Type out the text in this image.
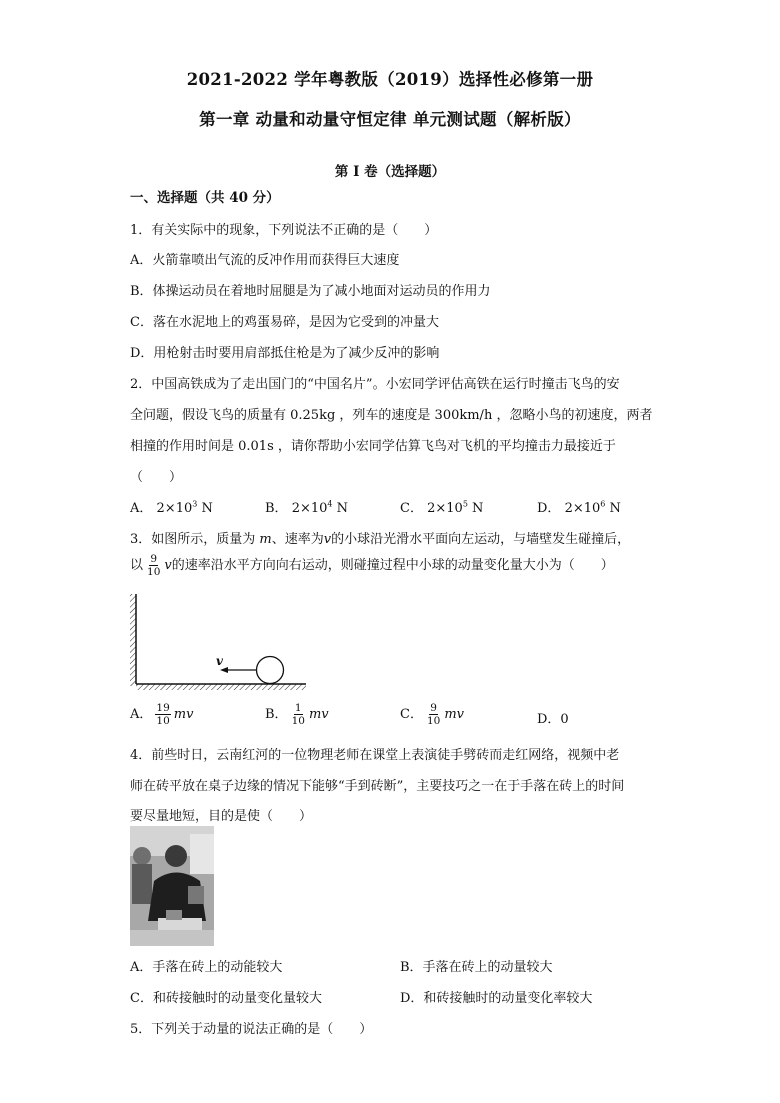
2021-2022 学年粤教版（2019）选择性必修第一册
第一章 动量和动量守恒定律 单元测试题（解析版）
第 I 卷（选择题）
一、选择题（共 40 分）
1．有关实际中的现象，下列说法不正确的是（　　）
A．火箭靠喷出气流的反冲作用而获得巨大速度
B．体操运动员在着地时屈腿是为了减小地面对运动员的作用力
C．落在水泥地上的鸡蛋易碎，是因为它受到的冲量大
D．用枪射击时要用肩部抵住枪是为了减少反冲的影响
2．中国高铁成为了走出国门的“中国名片”。小宏同学评估高铁在运行时撞击飞鸟的安
全问题，假设飞鸟的质量有 0.25kg ，列车的速度是 300km/h ，忽略小鸟的初速度，两者
相撞的作用时间是 0.01s ，请你帮助小宏同学估算飞鸟对飞机的平均撞击力最接近于
（　　）
A． $2\times 10^3$ N	B． $2\times 10^4$ N	C． $2\times 10^5$ N	D． $2\times 10^6$ N
3．如图所示，质量为 m、速率为v的小球沿光滑水平面向左运动，与墙壁发生碰撞后，
以 $\frac{9}{10}$ v的速率沿水平方向向右运动，则碰撞过程中小球的动量变化量大小为（　　）
v
A． $\frac{19}{10}$ mv	B． $\frac{1}{10}$ mv	C． $\frac{9}{10}$ mv	D．0
4．前些时日，云南红河的一位物理老师在课堂上表演徒手劈砖而走红网络，视频中老
师在砖平放在桌子边缘的情况下能够“手到砖断”，主要技巧之一在于手落在砖上的时间
要尽量地短，目的是使（　　）
A．手落在砖上的动能较大	B．手落在砖上的动量较大
C．和砖接触时的动量变化量较大	D．和砖接触时的动量变化率较大
5．下列关于动量的说法正确的是（　　）
